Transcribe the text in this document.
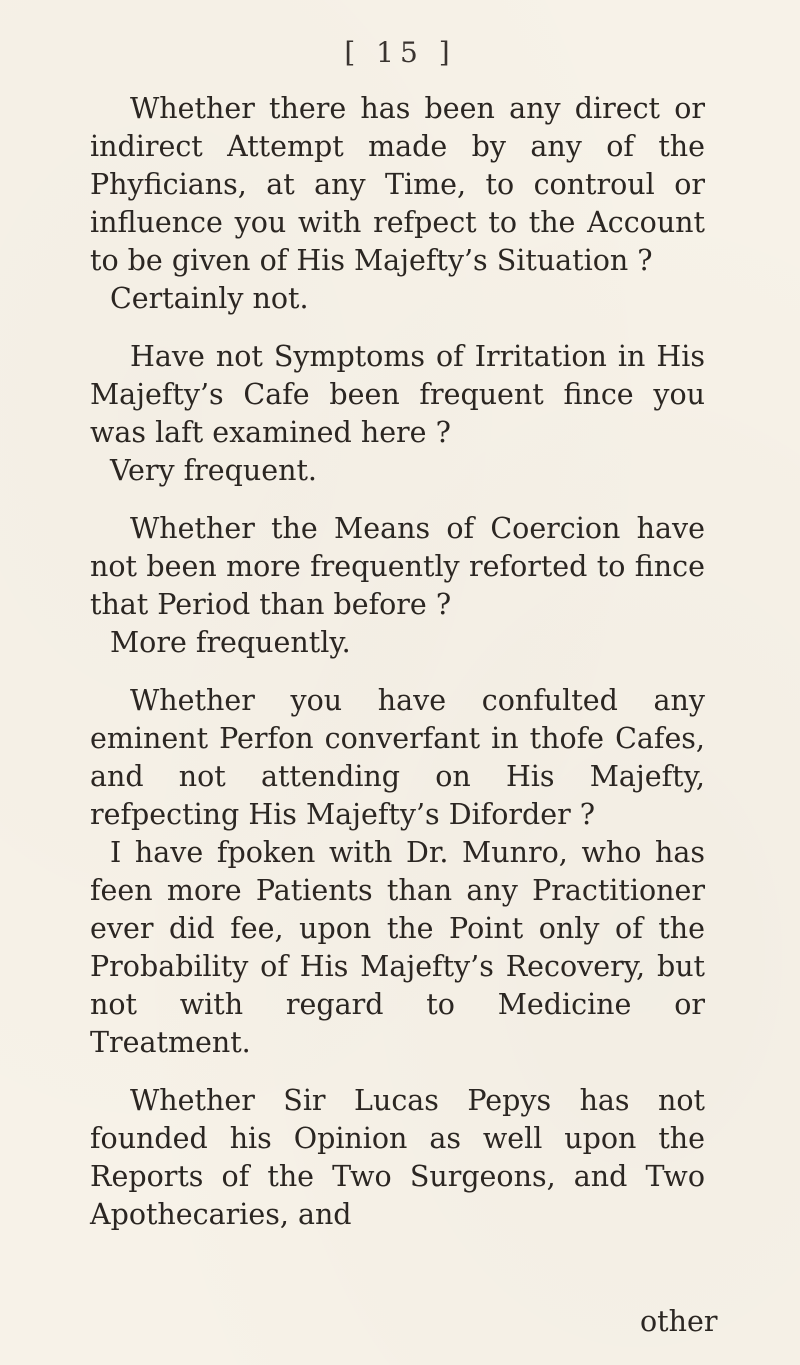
[ 15 ]

Whether there has been any direct or indirect Attempt made by any of the Phyficians, at any Time, to controul or influence you with refpect to the Account to be given of His Majefty’s Situation ?

Certainly not.

Have not Symptoms of Irritation in His Majefty’s Cafe been frequent fince you was laft examined here ?

Very frequent.

Whether the Means of Coercion have not been more frequently reforted to fince that Period than before ?

More frequently.

Whether you have confulted any eminent Perfon converfant in thofe Cafes, and not attending on His Majefty, refpecting His Majefty’s Diforder ?

I have fpoken with Dr. Munro, who has feen more Patients than any Practitioner ever did fee, upon the Point only of the Probability of His Majefty’s Recovery, but not with regard to Medicine or Treatment.

Whether Sir Lucas Pepys has not founded his Opinion as well upon the Reports of the Two Surgeons, and Two Apothecaries, and

other
